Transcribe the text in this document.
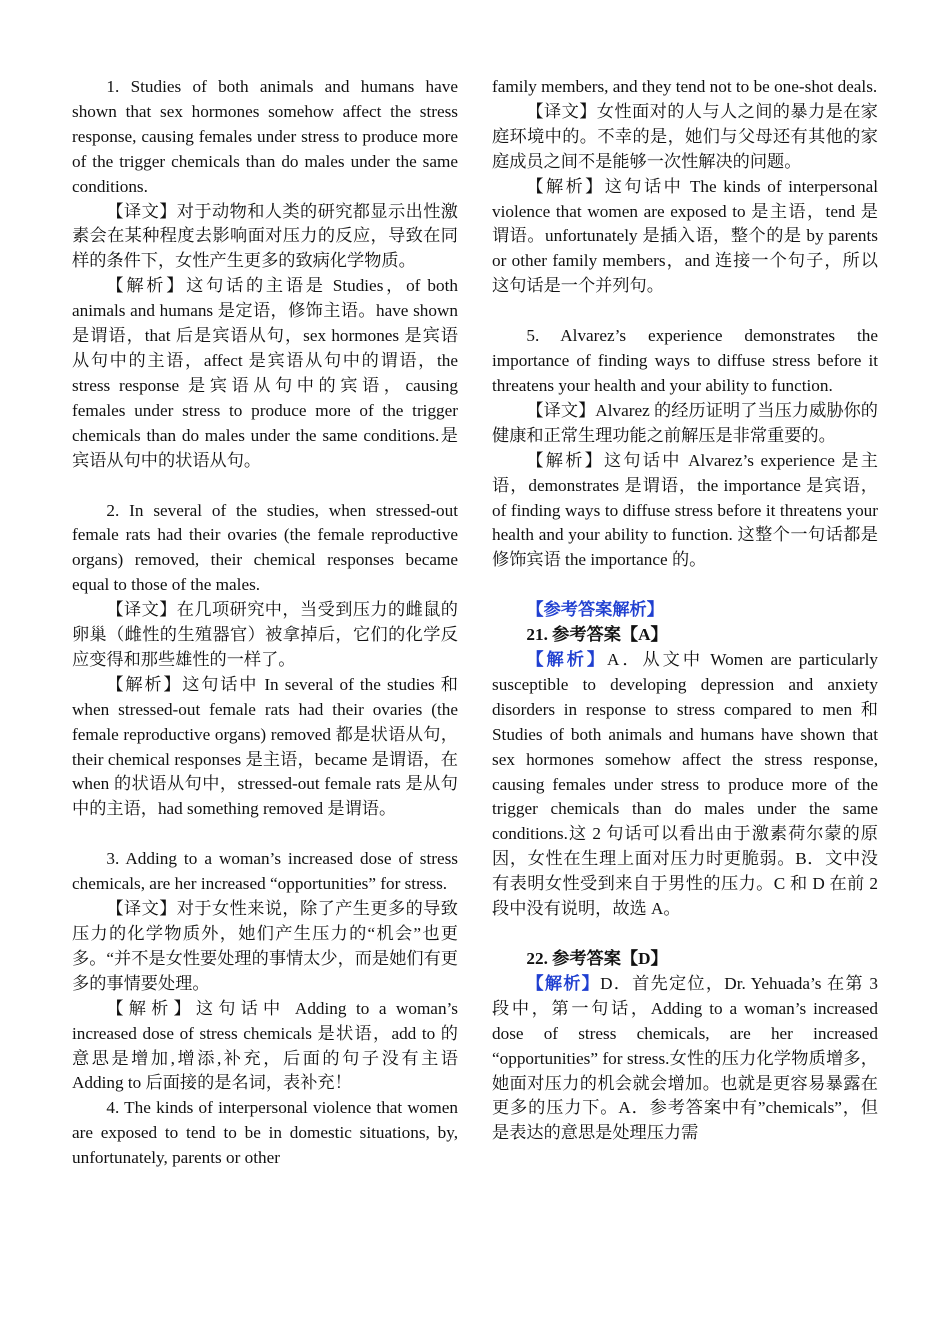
1. Studies of both animals and humans have shown that sex hormones somehow affect the stress response, causing females under stress to produce more of the trigger chemicals than do males under the same conditions.

【译文】对于动物和人类的研究都显示出性激素会在某种程度去影响面对压力的反应，导致在同样的条件下，女性产生更多的致病化学物质。

【解析】这句话的主语是 Studies，of both animals and humans 是定语，修饰主语。have shown 是谓语，that 后是宾语从句，sex hormones 是宾语从句中的主语，affect 是宾语从句中的谓语，the stress response 是宾语从句中的宾语，causing females under stress to produce more of the trigger chemicals than do males under the same conditions.是宾语从句中的状语从句。

2. In several of the studies, when stressed-out female rats had their ovaries (the female reproductive organs) removed, their chemical responses became equal to those of the males.

【译文】在几项研究中，当受到压力的雌鼠的卵巢（雌性的生殖器官）被拿掉后，它们的化学反应变得和那些雄性的一样了。

【解析】这句话中 In several of the studies 和 when stressed-out female rats had their ovaries (the female reproductive organs) removed 都是状语从句，their chemical responses 是主语，became 是谓语，在 when 的状语从句中，stressed-out female rats 是从句中的主语，had something removed 是谓语。

3. Adding to a woman’s increased dose of stress chemicals, are her increased “opportunities” for stress.

【译文】对于女性来说，除了产生更多的导致压力的化学物质外，她们产生压力的“机会”也更多。“并不是女性要处理的事情太少，而是她们有更多的事情要处理。

【解析】这句话中 Adding to a woman’s increased dose of stress chemicals 是状语，add to 的意思是增加,增添,补充，后面的句子没有主语 Adding to 后面接的是名词，表补充！

4. The kinds of interpersonal violence that women are exposed to tend to be in domestic situations, by, unfortunately, parents or other

family members, and they tend not to be one-shot deals.

【译文】女性面对的人与人之间的暴力是在家庭环境中的。不幸的是，她们与父母还有其他的家庭成员之间不是能够一次性解决的问题。

【解析】这句话中 The kinds of interpersonal violence that women are exposed to 是主语，tend 是谓语。unfortunately 是插入语，整个的是 by parents or other family members，and 连接一个句子，所以这句话是一个并列句。

5. Alvarez’s experience demonstrates the importance of finding ways to diffuse stress before it threatens your health and your ability to function.

【译文】Alvarez 的经历证明了当压力威胁你的健康和正常生理功能之前解压是非常重要的。

【解析】这句话中 Alvarez’s experience 是主语，demonstrates 是谓语，the importance 是宾语，of finding ways to diffuse stress before it threatens your health and your ability to function. 这整个一句话都是修饰宾语 the importance 的。

【参考答案解析】

21. 参考答案【A】

【解析】A．从文中 Women are particularly susceptible to developing depression and anxiety disorders in response to stress compared to men 和 Studies of both animals and humans have shown that sex hormones somehow affect the stress response, causing females under stress to produce more of the trigger chemicals than do males under the same conditions.这 2 句话可以看出由于激素荷尔蒙的原因，女性在生理上面对压力时更脆弱。B．文中没有表明女性受到来自于男性的压力。C 和 D 在前 2 段中没有说明，故选 A。

22. 参考答案【D】

【解析】D．首先定位，Dr. Yehuada’s 在第 3 段中，第一句话，Adding to a woman’s increased dose of stress chemicals, are her increased “opportunities” for stress.女性的压力化学物质增多，她面对压力的机会就会增加。也就是更容易暴露在更多的压力下。A．参考答案中有”chemicals”，但是表达的意思是处理压力需
